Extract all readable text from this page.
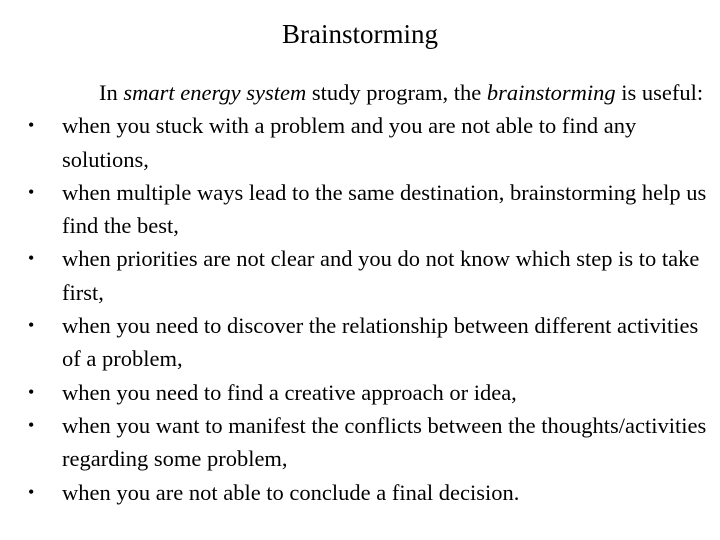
Brainstorming

In smart energy system study program, the brainstorming is useful:

• when you stuck with a problem and you are not able to find any solutions,
• when multiple ways lead to the same destination, brainstorming help us find the best,
• when priorities are not clear and you do not know which step is to take first,
• when you need to discover the relationship between different activities of a problem,
• when you need to find a creative approach or idea,
• when you want to manifest the conflicts between the thoughts/activities regarding some problem,
• when you are not able to conclude a final decision.
